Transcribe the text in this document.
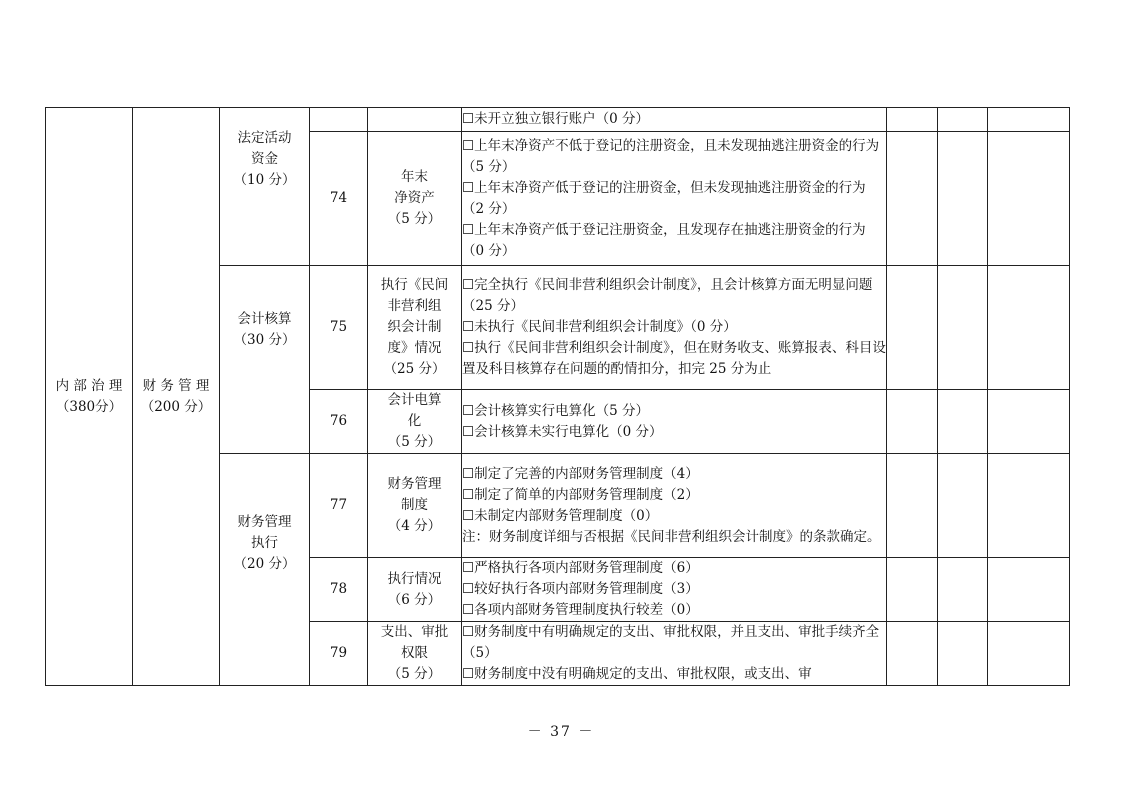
内 部 治 理
（380分）	财 务 管 理
（200 分）	法定活动
资金
（10 分）			☐未开立独立银行账户（0 分）			

			74	年末
净资产
（5 分）	☐上年末净资产不低于登记的注册资金，且未发现抽逃注册资金的行为（5 分）
☐上年末净资产低于登记的注册资金，但未发现抽逃注册资金的行为（2 分）
☐上年末净资产低于登记注册资金，且发现存在抽逃注册资金的行为（0 分）			

		会计核算
（30 分）	75	执行《民间
非营利组
织会计制
度》情况
（25 分）	☐完全执行《民间非营利组织会计制度》，且会计核算方面无明显问题（25 分）
☐未执行《民间非营利组织会计制度》（0 分）
☐执行《民间非营利组织会计制度》，但在财务收支、账算报表、科目设置及科目核算存在问题的酌情扣分，扣完 25 分为止			

			76	会计电算
化
（5 分）	☐会计核算实行电算化（5 分）
☐会计核算未实行电算化（0 分）			

		财务管理
执行
（20 分）	77	财务管理
制度
（4 分）	☐制定了完善的内部财务管理制度（4）
☐制定了简单的内部财务管理制度（2）
☐未制定内部财务管理制度（0）
注：财务制度详细与否根据《民间非营利组织会计制度》的条款确定。			

			78	执行情况
（6 分）	☐严格执行各项内部财务管理制度（6）
☐较好执行各项内部财务管理制度（3）
☐各项内部财务管理制度执行较差（0）			

			79	支出、审批
权限
（5 分）	☐财务制度中有明确规定的支出、审批权限，并且支出、审批手续齐全（5）
☐财务制度中没有明确规定的支出、审批权限，或支出、审			

－ 37 －
